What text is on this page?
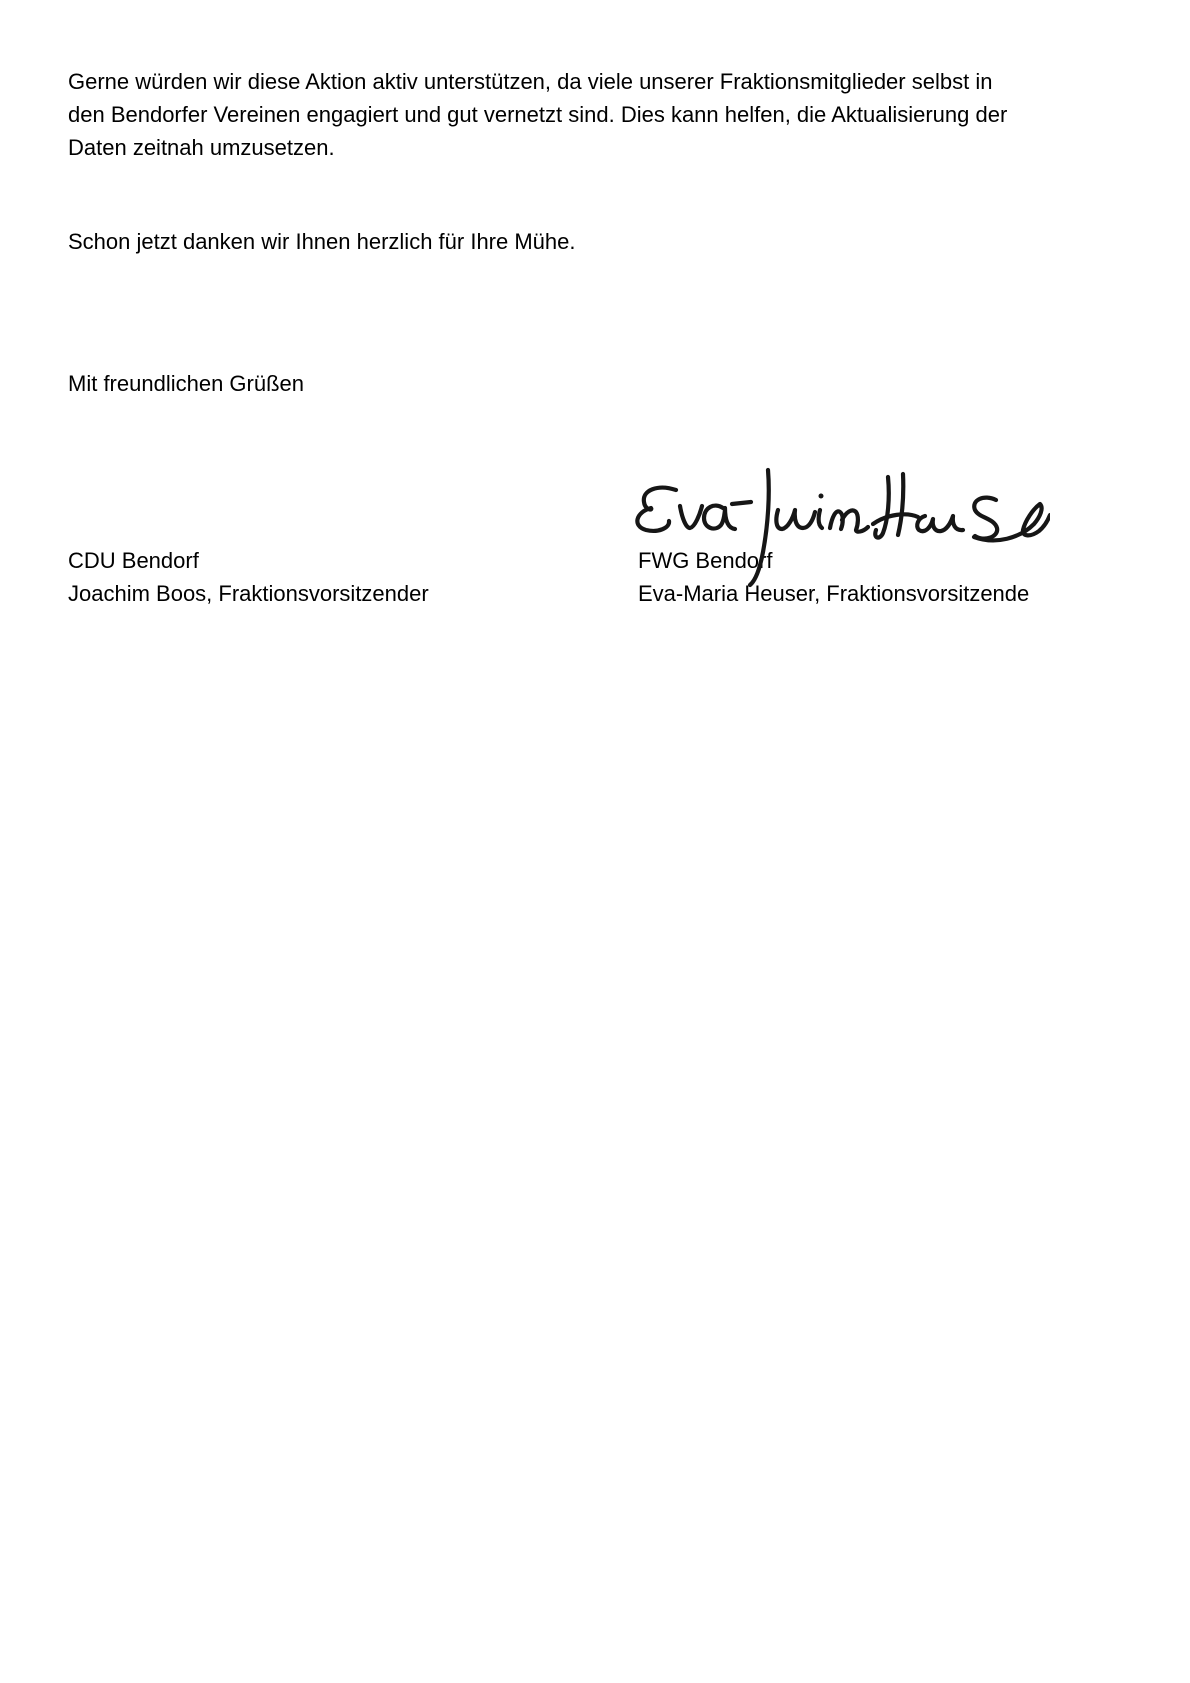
Gerne würden wir diese Aktion aktiv unterstützen, da viele unserer Fraktionsmitglieder selbst in
den Bendorfer Vereinen engagiert und gut vernetzt sind. Dies kann helfen, die Aktualisierung der
Daten zeitnah umzusetzen.

Schon jetzt danken wir Ihnen herzlich für Ihre Mühe.

Mit freundlichen Grüßen

CDU Bendorf
Joachim Boos, Fraktionsvorsitzender
FWG Bendorf
Eva-Maria Heuser, Fraktionsvorsitzende
